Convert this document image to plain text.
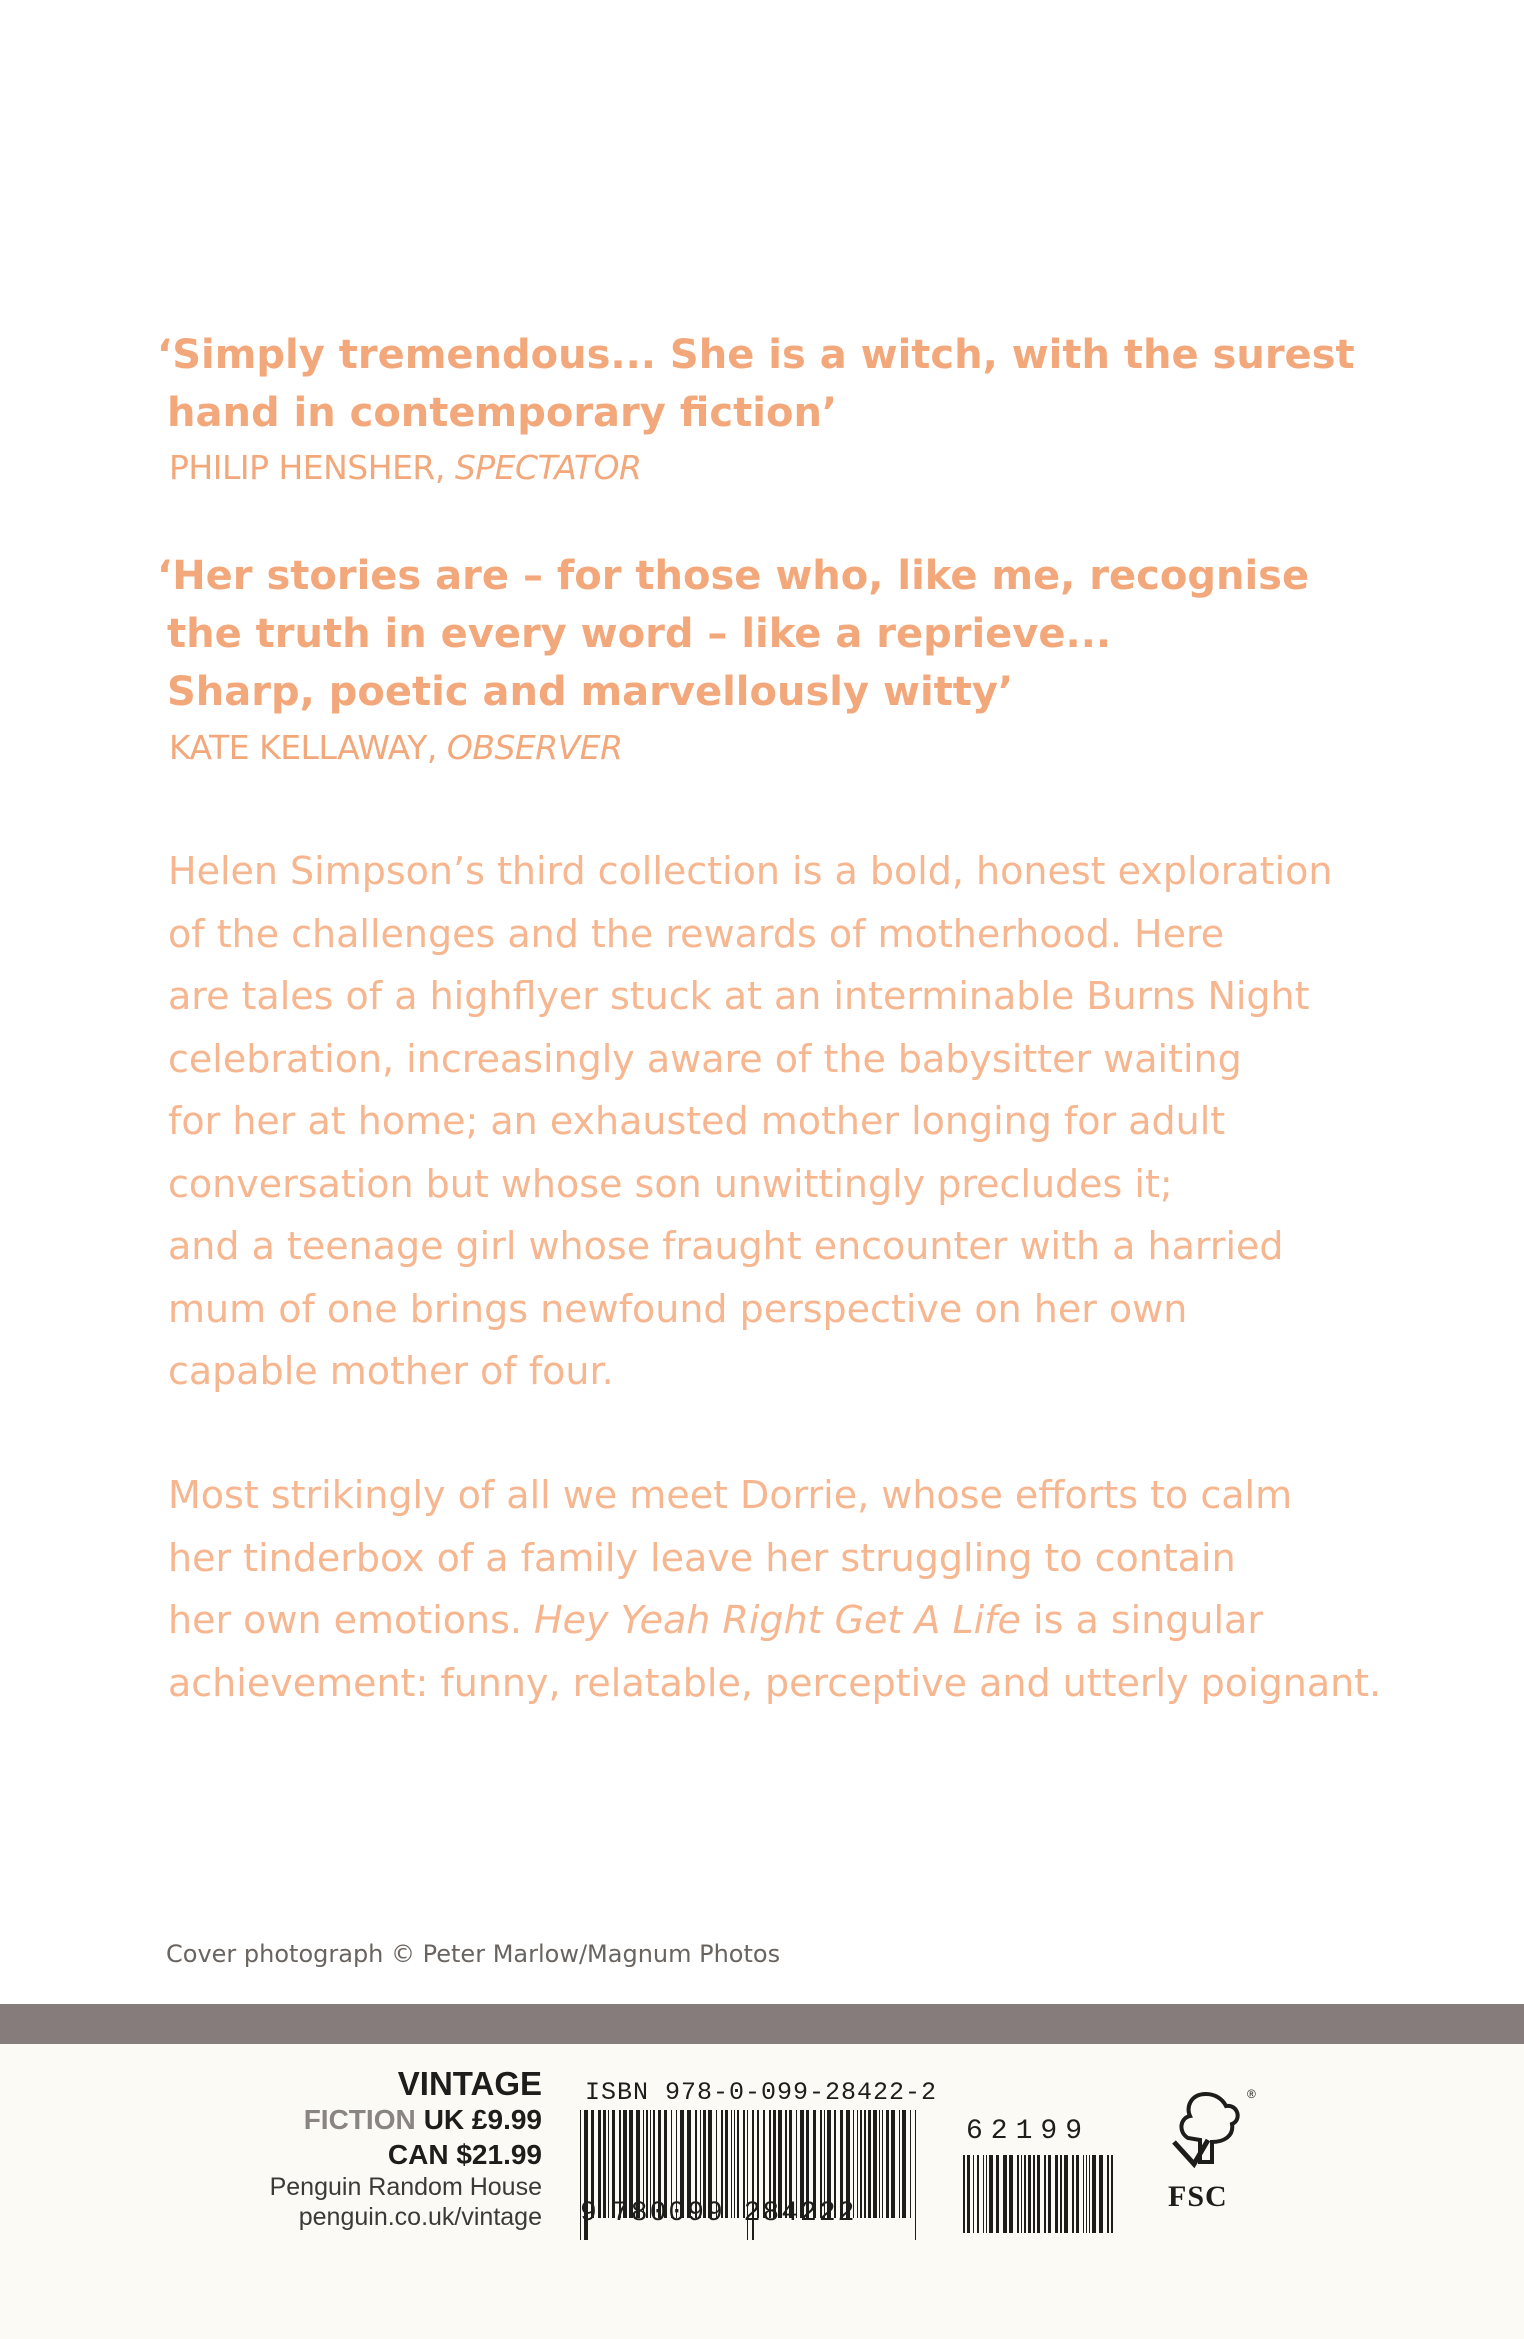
‘Simply tremendous... She is a witch, with the surest
hand in contemporary fiction’
PHILIP HENSHER, SPECTATOR
‘Her stories are – for those who, like me, recognise
the truth in every word – like a reprieve...
Sharp, poetic and marvellously witty’
KATE KELLAWAY, OBSERVER
Helen Simpson’s third collection is a bold, honest exploration
of the challenges and the rewards of motherhood. Here
are tales of a highflyer stuck at an interminable Burns Night
celebration, increasingly aware of the babysitter waiting
for her at home; an exhausted mother longing for adult
conversation but whose son unwittingly precludes it;
and a teenage girl whose fraught encounter with a harried
mum of one brings newfound perspective on her own
capable mother of four.
Most strikingly of all we meet Dorrie, whose efforts to calm
her tinderbox of a family leave her struggling to contain
her own emotions. Hey Yeah Right Get A Life is a singular
achievement: funny, relatable, perceptive and utterly poignant.
Cover photograph © Peter Marlow/Magnum Photos
VINTAGE
FICTION UK £9.99
CAN $21.99
Penguin Random House
penguin.co.uk/vintage
ISBN 978-0-099-28422-2
9 780099 284222
62199
®
FSC
